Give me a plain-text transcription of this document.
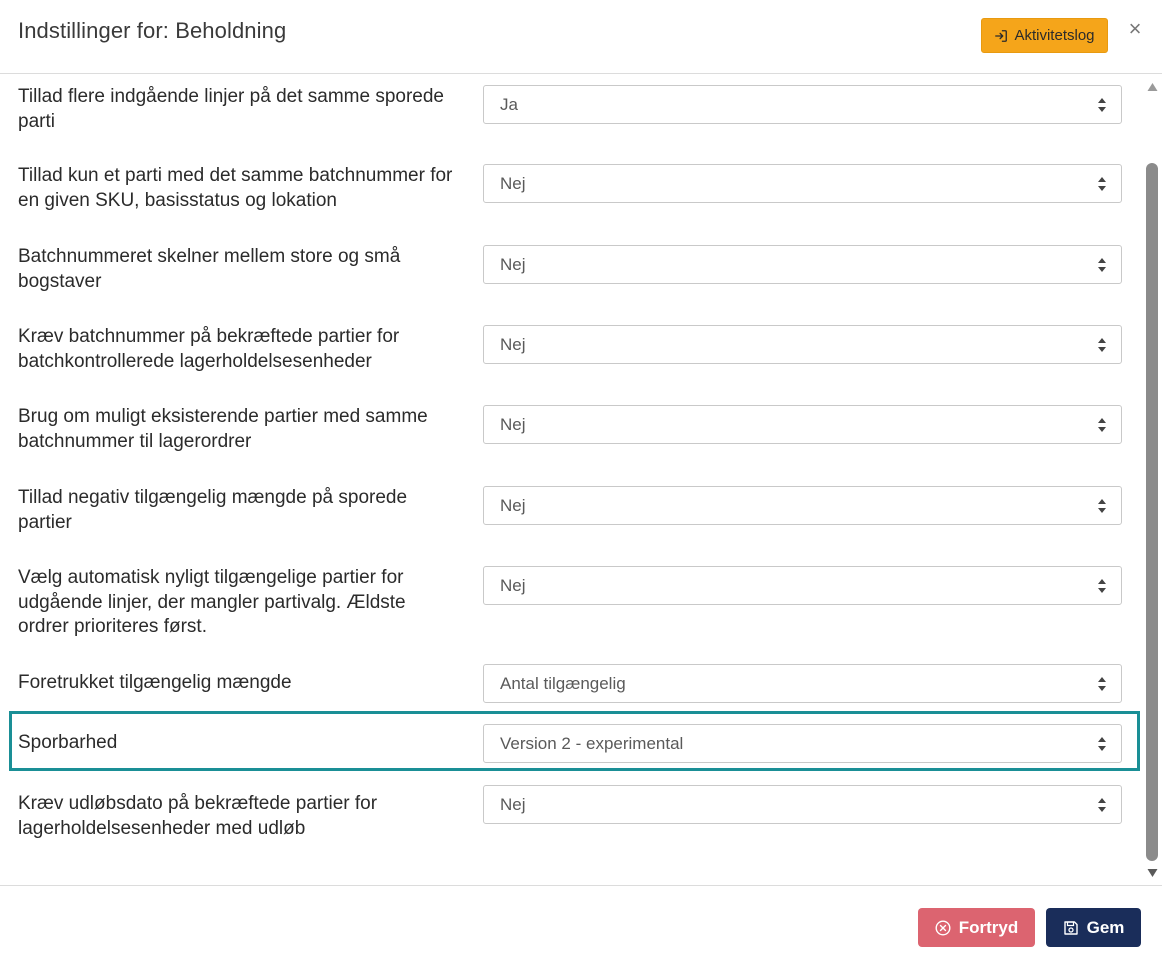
Indstillinger for: Beholdning	Aktivitetslog ×
Tillad flere indgående linjer på det samme sporede parti
Ja
Tillad kun et parti med det samme batchnummer for en given SKU, basisstatus og lokation
Nej
Batchnummeret skelner mellem store og små bogstaver
Nej
Kræv batchnummer på bekræftede partier for batchkontrollerede lagerholdelsesenheder
Nej
Brug om muligt eksisterende partier med samme batchnummer til lagerordrer
Nej
Tillad negativ tilgængelig mængde på sporede partier
Nej
Vælg automatisk nyligt tilgængelige partier for udgående linjer, der mangler partivalg. Ældste ordrer prioriteres først.
Nej
Foretrukket tilgængelig mængde	Antal tilgængelig
Sporbarhed	Version 2 - experimental
Kræv udløbsdato på bekræftede partier for lagerholdelsesenheder med udløb
Nej
Fortryd	Gem
